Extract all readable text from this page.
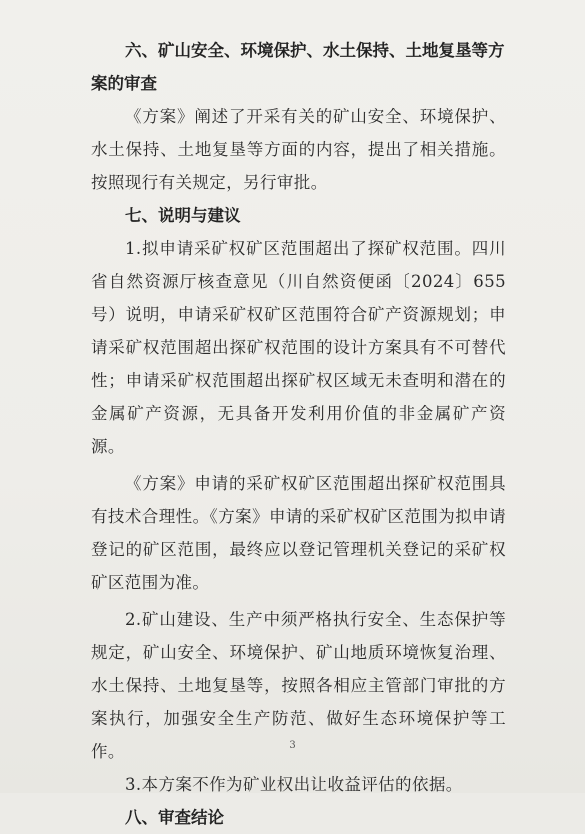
六、矿山安全、环境保护、水土保持、土地复垦等方案的审查
《方案》阐述了开采有关的矿山安全、环境保护、水土保持、土地复垦等方面的内容，提出了相关措施。按照现行有关规定，另行审批。
七、说明与建议
1.拟申请采矿权矿区范围超出了探矿权范围。四川省自然资源厅核查意见（川自然资便函〔2024〕655号）说明，申请采矿权矿区范围符合矿产资源规划；申请采矿权范围超出探矿权范围的设计方案具有不可替代性；申请采矿权范围超出探矿权区域无未查明和潜在的金属矿产资源，无具备开发利用价值的非金属矿产资源。
《方案》申请的采矿权矿区范围超出探矿权范围具有技术合理性。《方案》申请的采矿权矿区范围为拟申请登记的矿区范围，最终应以登记管理机关登记的采矿权矿区范围为准。
2.矿山建设、生产中须严格执行安全、生态保护等规定，矿山安全、环境保护、矿山地质环境恢复治理、水土保持、土地复垦等，按照各相应主管部门审批的方案执行，加强安全生产防范、做好生态环境保护等工作。
3.本方案不作为矿业权出让收益评估的依据。
八、审查结论
3
